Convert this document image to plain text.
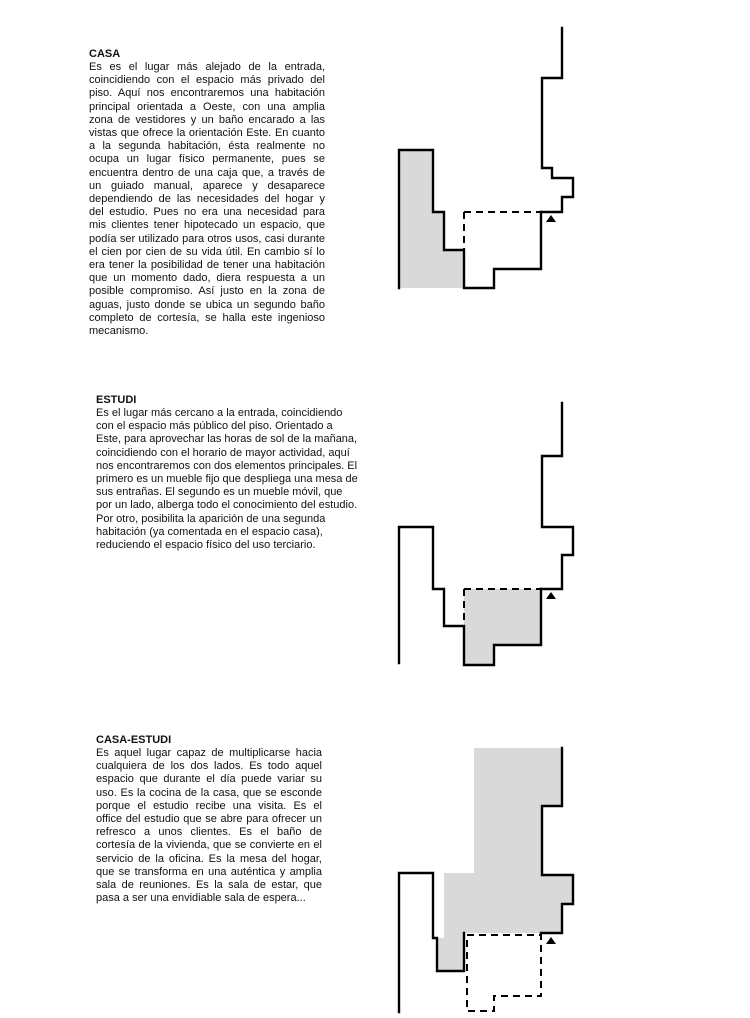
CASA

Es es el lugar más alejado de la entrada, coincidiendo con el espacio más privado del piso. Aquí nos encontraremos una habitación principal orientada a Oeste, con una amplia zona de vestidores y un baño encarado a las vistas que ofrece la orientación Este. En cuanto a la segunda habitación, ésta realmente no ocupa un lugar físico permanente, pues se encuentra dentro de una caja que, a través de un guiado manual, aparece y desaparece dependiendo de las necesidades del hogar y del estudio. Pues no era una necesidad para mis clientes tener hipotecado un espacio, que podía ser utilizado para otros usos, casi durante el cien por cien de su vida útil. En cambio sí lo era tener la posibilidad de tener una habitación que un momento dado, diera respuesta a un posible compromiso. Así justo en la zona de aguas, justo donde se ubica un segundo baño completo de cortesía, se halla este ingenioso mecanismo.

ESTUDI

Es el lugar más cercano a la entrada, coincidiendo con el espacio más público del piso. Orientado a Este, para aprovechar las horas de sol de la mañana, coincidiendo con el horario de mayor actividad, aquí nos encontraremos con dos elementos principales. El primero es un mueble fijo que despliega una mesa de sus entrañas. El segundo es un mueble móvil, que por un lado, alberga todo el conocimiento del estudio. Por otro, posibilita la aparición de una segunda habitación (ya comentada en el espacio casa), reduciendo el espacio físico del uso terciario.

CASA-ESTUDI

Es aquel lugar capaz de multiplicarse hacia cualquiera de los dos lados. Es todo aquel espacio que durante el día puede variar su uso. Es la cocina de la casa, que se esconde porque el estudio recibe una visita. Es el office del estudio que se abre para ofrecer un refresco a unos clientes. Es el baño de cortesía de la vivienda, que se convierte en el servicio de la oficina. Es la mesa del hogar, que se transforma en una auténtica y amplia sala de reuniones. Es la sala de estar, que pasa a ser una envidiable sala de espera...
